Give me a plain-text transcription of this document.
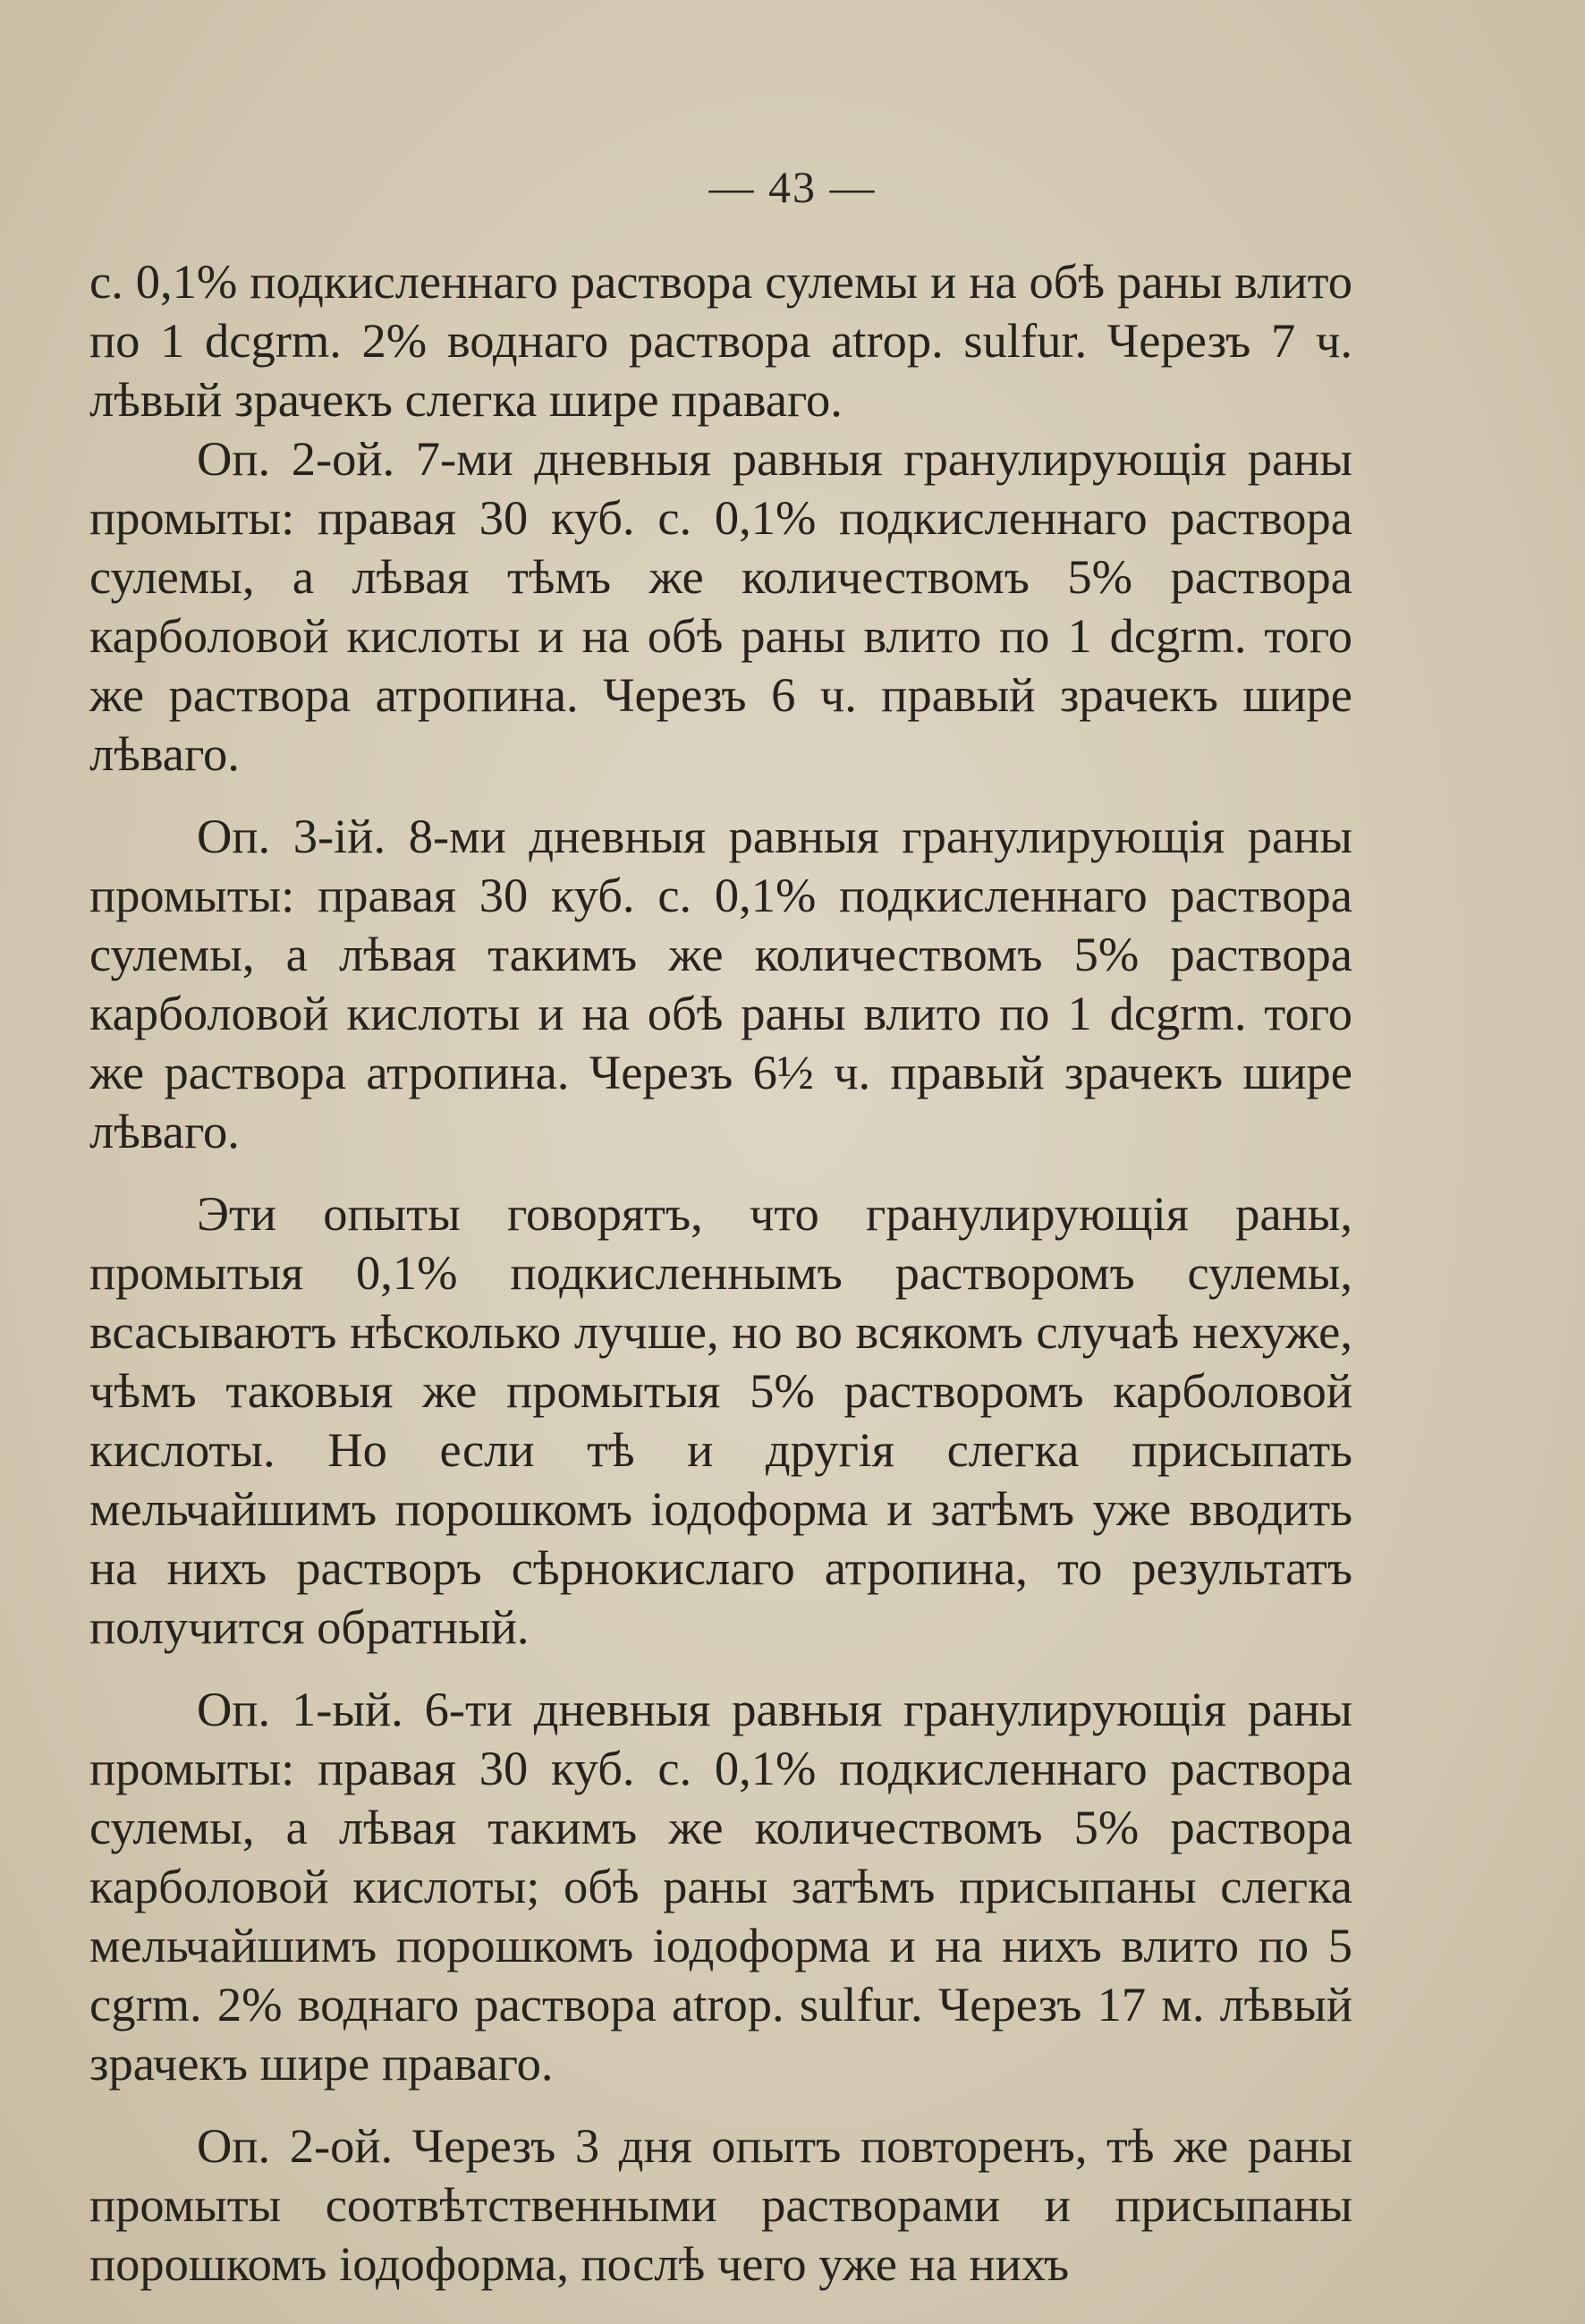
— 43 —

с. 0,1% подкисленнаго раствора сулемы и на обѣ раны влито по 1 dcgrm. 2% воднаго раствора atrop. sulfur. Черезъ 7 ч. лѣвый зрачекъ слегка шире праваго.

Оп. 2-ой. 7-ми дневныя равныя гранулирующія раны промыты: правая 30 куб. с. 0,1% подкисленнаго раствора сулемы, а лѣвая тѣмъ же количествомъ 5% раствора карболовой кислоты и на обѣ раны влито по 1 dcgrm. того же раствора атропина. Черезъ 6 ч. правый зрачекъ шире лѣваго.

Оп. 3-ій. 8-ми дневныя равныя гранулирующія раны промыты: правая 30 куб. с. 0,1% подкисленнаго раствора сулемы, а лѣвая такимъ же количествомъ 5% раствора карболовой кислоты и на обѣ раны влито по 1 dcgrm. того же раствора атропина. Черезъ 6½ ч. правый зрачекъ шире лѣваго.

Эти опыты говорятъ, что гранулирующія раны, промытыя 0,1% подкисленнымъ растворомъ сулемы, всасываютъ нѣсколько лучше, но во всякомъ случаѣ нехуже, чѣмъ таковыя же промытыя 5% растворомъ карболовой кислоты. Но если тѣ и другія слегка присыпать мельчайшимъ порошкомъ іодоформа и затѣмъ уже вводить на нихъ растворъ сѣрнокислаго атропина, то результатъ получится обратный.

Оп. 1-ый. 6-ти дневныя равныя гранулирующія раны промыты: правая 30 куб. с. 0,1% подкисленнаго раствора сулемы, а лѣвая такимъ же количествомъ 5% раствора карболовой кислоты; обѣ раны затѣмъ присыпаны слегка мельчайшимъ порошкомъ іодоформа и на нихъ влито по 5 cgrm. 2% воднаго раствора atrop. sulfur. Черезъ 17 м. лѣвый зрачекъ шире праваго.

Оп. 2-ой. Черезъ 3 дня опытъ повторенъ, тѣ же раны промыты соотвѣтственными растворами и присыпаны порошкомъ іодоформа, послѣ чего уже на нихъ
